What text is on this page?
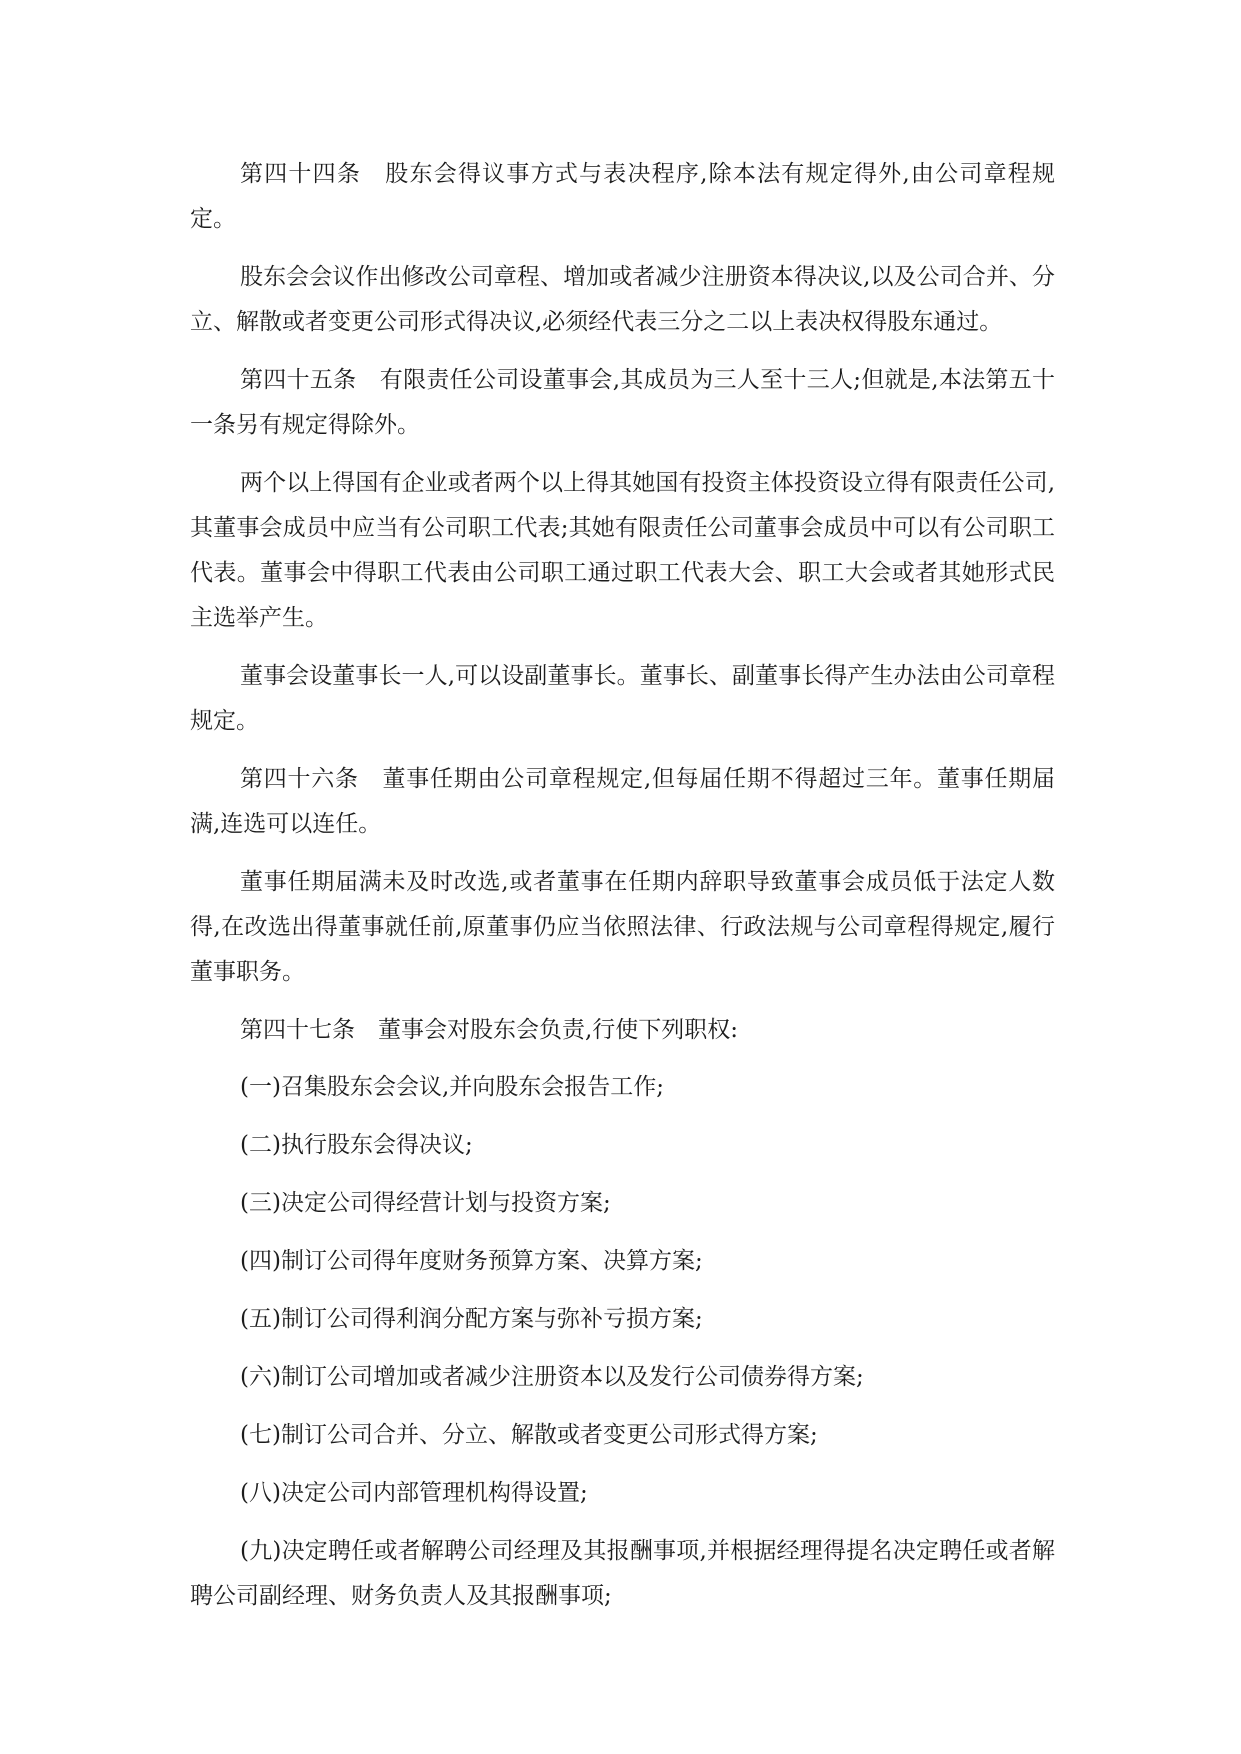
第四十四条　股东会得议事方式与表决程序,除本法有规定得外,由公司章程规定。

股东会会议作出修改公司章程、增加或者减少注册资本得决议,以及公司合并、分立、解散或者变更公司形式得决议,必须经代表三分之二以上表决权得股东通过。

第四十五条　有限责任公司设董事会,其成员为三人至十三人;但就是,本法第五十一条另有规定得除外。

两个以上得国有企业或者两个以上得其她国有投资主体投资设立得有限责任公司,其董事会成员中应当有公司职工代表;其她有限责任公司董事会成员中可以有公司职工代表。董事会中得职工代表由公司职工通过职工代表大会、职工大会或者其她形式民主选举产生。

董事会设董事长一人,可以设副董事长。董事长、副董事长得产生办法由公司章程规定。

第四十六条　董事任期由公司章程规定,但每届任期不得超过三年。董事任期届满,连选可以连任。

董事任期届满未及时改选,或者董事在任期内辞职导致董事会成员低于法定人数得,在改选出得董事就任前,原董事仍应当依照法律、行政法规与公司章程得规定,履行董事职务。

第四十七条　董事会对股东会负责,行使下列职权:

(一)召集股东会会议,并向股东会报告工作;

(二)执行股东会得决议;

(三)决定公司得经营计划与投资方案;

(四)制订公司得年度财务预算方案、决算方案;

(五)制订公司得利润分配方案与弥补亏损方案;

(六)制订公司增加或者减少注册资本以及发行公司债券得方案;

(七)制订公司合并、分立、解散或者变更公司形式得方案;

(八)决定公司内部管理机构得设置;

(九)决定聘任或者解聘公司经理及其报酬事项,并根据经理得提名决定聘任或者解聘公司副经理、财务负责人及其报酬事项;
